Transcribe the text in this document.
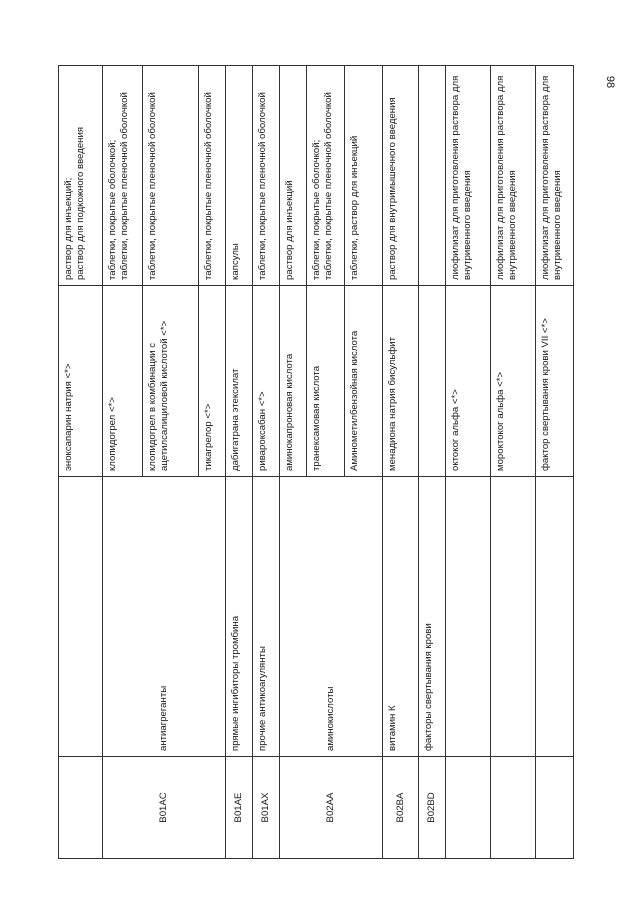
98
		эноксапарин натрия <*>	раствор для инъекций;
раствор для подкожного введения
B01AC	антиагреганты	клопидогрел <*>	таблетки, покрытые оболочкой;
таблетки, покрытые пленочной оболочкой
		клопидогрел в комбинации с ацетилсалициловой кислотой <*>	таблетки, покрытые пленочной оболочкой
		тикагрелор <*>	таблетки, покрытые пленочной оболочкой
B01AE	прямые ингибиторы тромбина	дабигатрана этексилат	капсулы
B01AX	прочие антикоагулянты	ривароксабан <*>	таблетки, покрытые пленочной оболочкой
B02AA	аминокислоты	аминокапроновая кислота	раствор для инъекций
		транексамовая кислота	таблетки, покрытые оболочкой;
таблетки, покрытые пленочной оболочкой
		Аминометилбензойная кислота	таблетки, раствор для инъекций
B02BA	витамин К	менадиона натрия бисульфит	раствор для внутримышечного введения
B02BD	факторы свертывания крови		
		октоког альфа <*>	лиофилизат для приготовления раствора для внутривенного введения
		мороктоког альфа <*>	лиофилизат для приготовления раствора для внутривенного введения
		фактор свертывания крови VII <*>	лиофилизат для приготовления раствора для внутривенного введения
